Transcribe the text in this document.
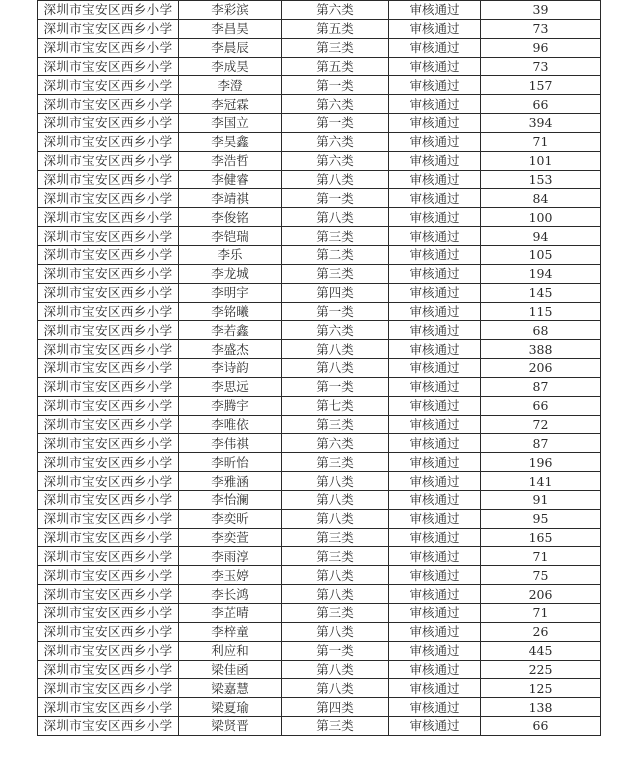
深圳市宝安区西乡小学	李彩滨	第六类	审核通过	39
深圳市宝安区西乡小学	李昌昊	第五类	审核通过	73
深圳市宝安区西乡小学	李晨辰	第三类	审核通过	96
深圳市宝安区西乡小学	李成昊	第五类	审核通过	73
深圳市宝安区西乡小学	李澄	第一类	审核通过	157
深圳市宝安区西乡小学	李冠霖	第六类	审核通过	66
深圳市宝安区西乡小学	李国立	第一类	审核通过	394
深圳市宝安区西乡小学	李昊鑫	第六类	审核通过	71
深圳市宝安区西乡小学	李浩哲	第六类	审核通过	101
深圳市宝安区西乡小学	李健睿	第八类	审核通过	153
深圳市宝安区西乡小学	李靖祺	第一类	审核通过	84
深圳市宝安区西乡小学	李俊铭	第八类	审核通过	100
深圳市宝安区西乡小学	李铠瑞	第三类	审核通过	94
深圳市宝安区西乡小学	李乐	第二类	审核通过	105
深圳市宝安区西乡小学	李龙城	第三类	审核通过	194
深圳市宝安区西乡小学	李明宇	第四类	审核通过	145
深圳市宝安区西乡小学	李铭曦	第一类	审核通过	115
深圳市宝安区西乡小学	李若鑫	第六类	审核通过	68
深圳市宝安区西乡小学	李盛杰	第八类	审核通过	388
深圳市宝安区西乡小学	李诗韵	第八类	审核通过	206
深圳市宝安区西乡小学	李思远	第一类	审核通过	87
深圳市宝安区西乡小学	李腾宇	第七类	审核通过	66
深圳市宝安区西乡小学	李唯依	第三类	审核通过	72
深圳市宝安区西乡小学	李伟祺	第六类	审核通过	87
深圳市宝安区西乡小学	李昕怡	第三类	审核通过	196
深圳市宝安区西乡小学	李雅涵	第八类	审核通过	141
深圳市宝安区西乡小学	李怡澜	第八类	审核通过	91
深圳市宝安区西乡小学	李奕昕	第八类	审核通过	95
深圳市宝安区西乡小学	李奕萱	第三类	审核通过	165
深圳市宝安区西乡小学	李雨淳	第三类	审核通过	71
深圳市宝安区西乡小学	李玉婷	第八类	审核通过	75
深圳市宝安区西乡小学	李长鸿	第八类	审核通过	206
深圳市宝安区西乡小学	李芷晴	第三类	审核通过	71
深圳市宝安区西乡小学	李梓童	第八类	审核通过	26
深圳市宝安区西乡小学	利应和	第一类	审核通过	445
深圳市宝安区西乡小学	梁佳函	第八类	审核通过	225
深圳市宝安区西乡小学	梁嘉慧	第八类	审核通过	125
深圳市宝安区西乡小学	梁夏瑜	第四类	审核通过	138
深圳市宝安区西乡小学	梁贤晋	第三类	审核通过	66
